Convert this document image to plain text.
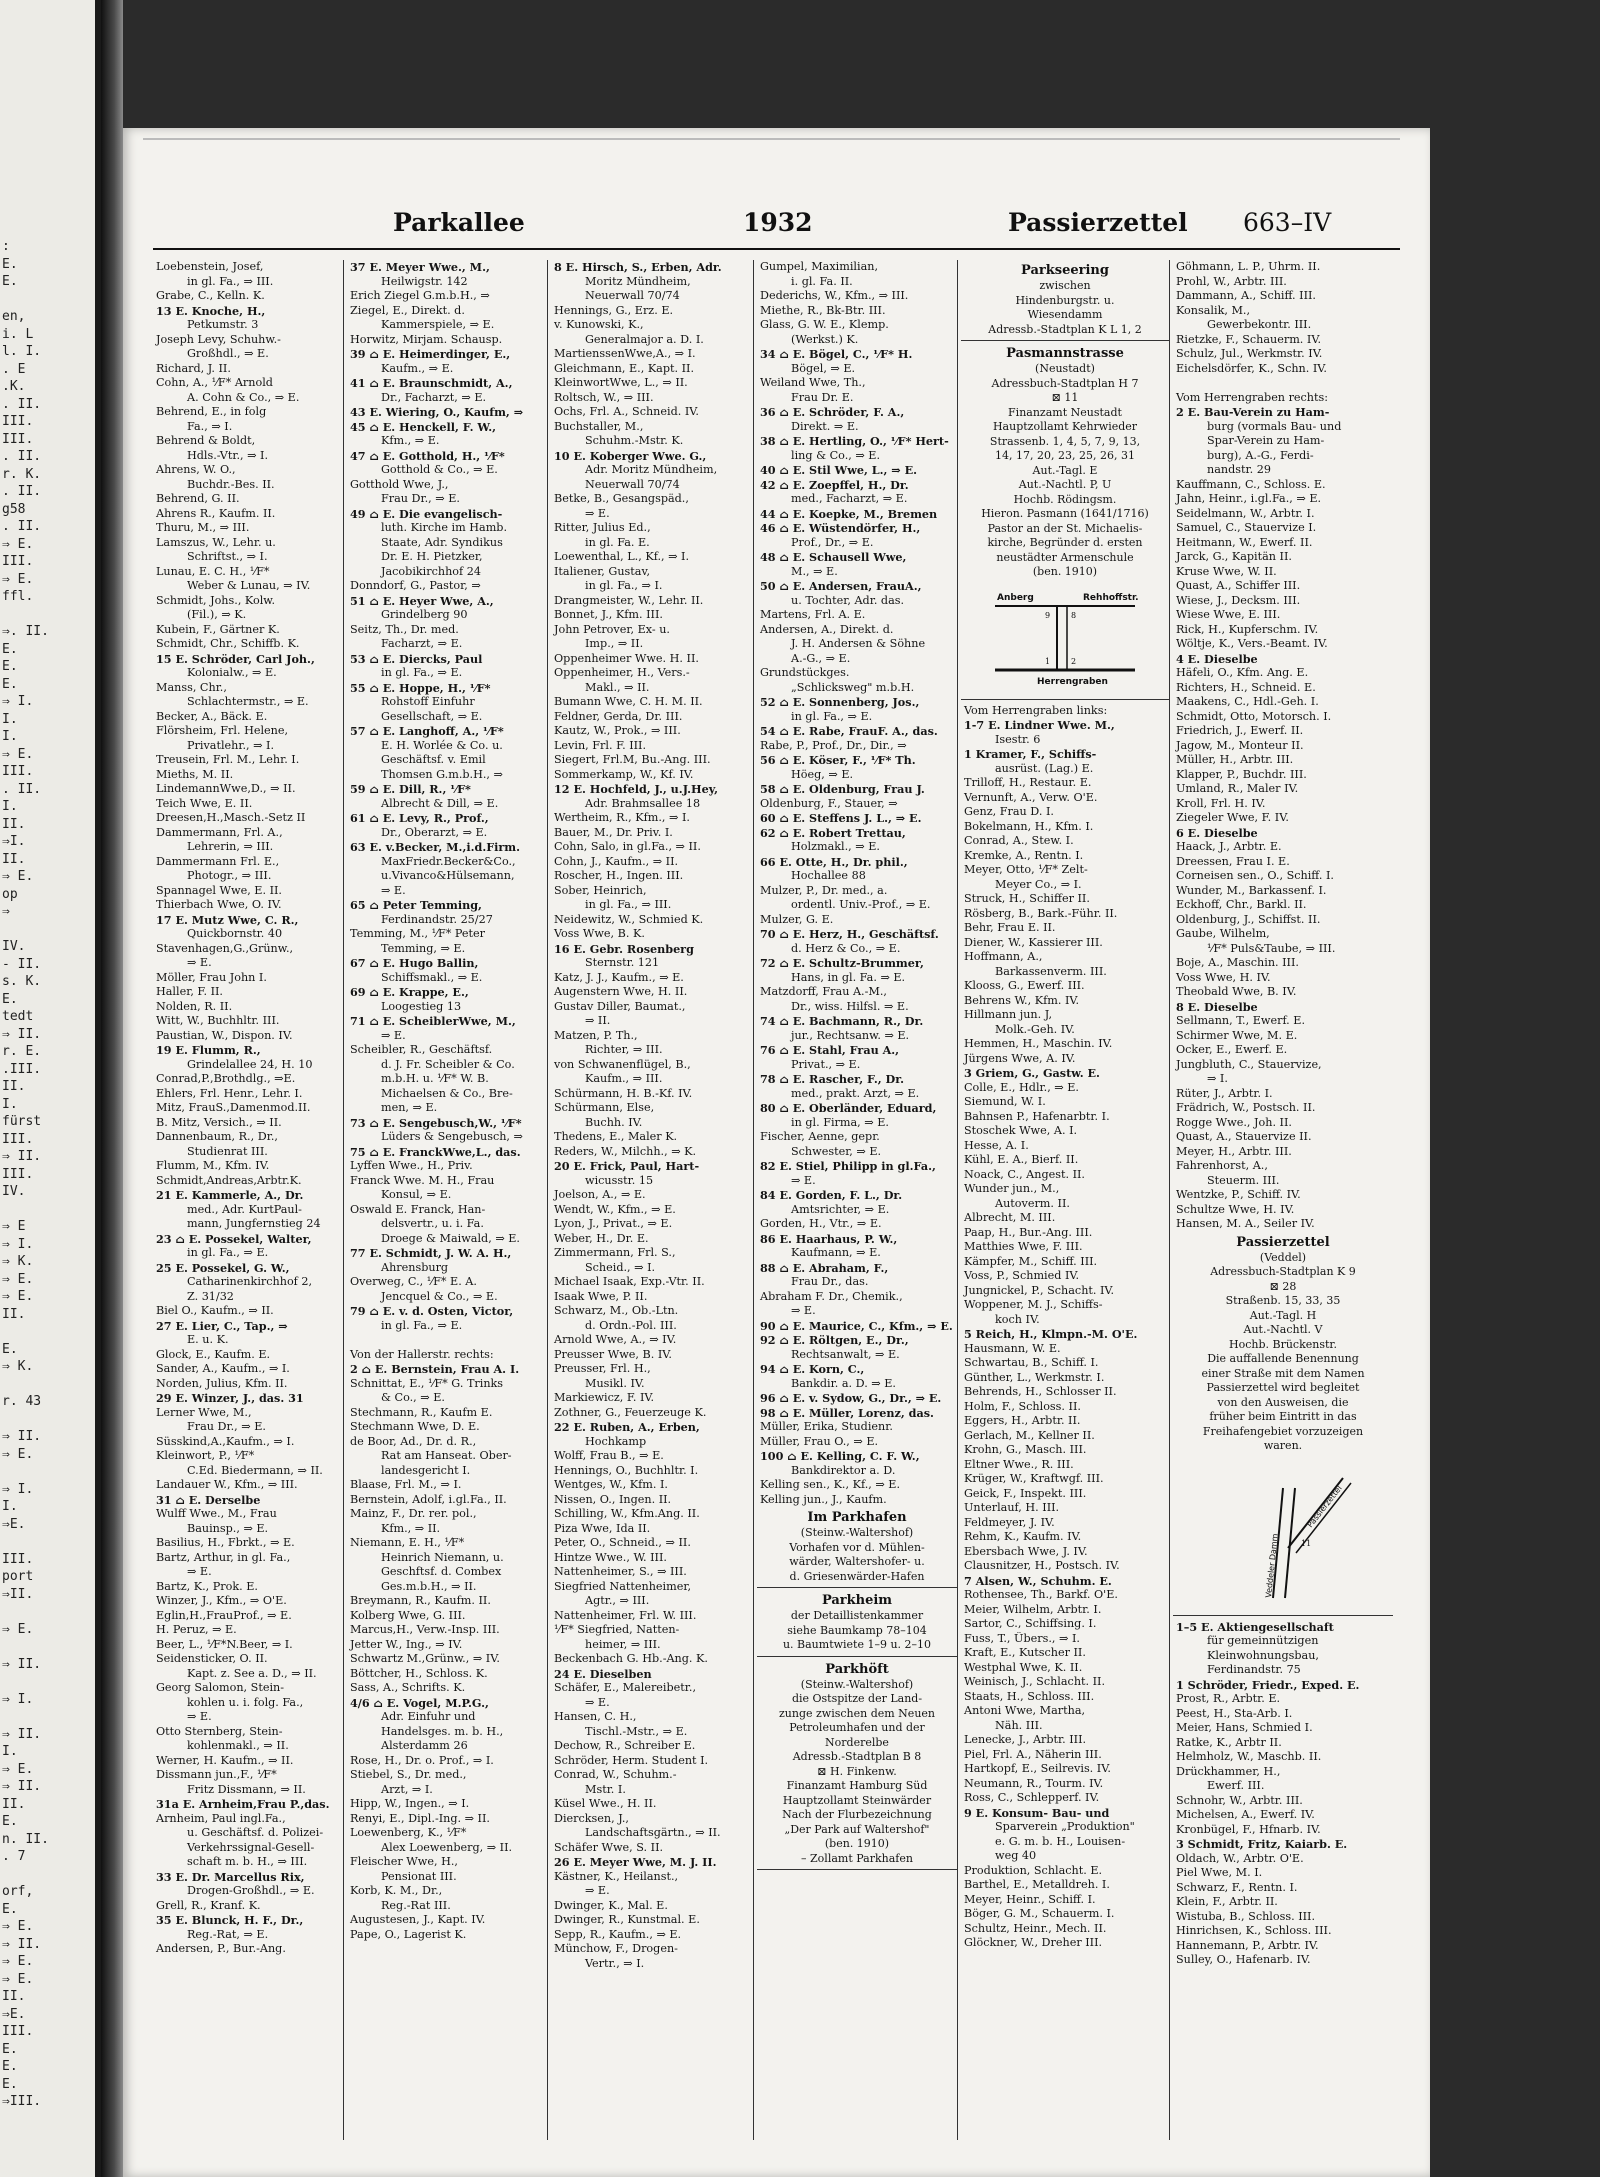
:
E.
E.

en,
i. L
l. I.
. E
.K.
. II.
III.
III.
. II.
r. K.
. II.
g58
. II.
⇒ E.
III.
⇒ E.
ffl.

⇒. II.
E.
E.
E.
⇒ I.
I.
I.
⇒ E.
III.
. II.
I.
II.
⇒I.
II.
⇒ E.
op
⇒

IV.
- II.
s. K.
E.
tedt
⇒ II.
r. E.
.III.
II.
I.
fürst
III.
⇒ II.
III.
IV.

⇒ E
⇒ I.
⇒ K.
⇒ E.
⇒ E.
II.

E.
⇒ K.

r. 43

⇒ II.
⇒ E.

⇒ I.
I.
⇒E.

III.
port
⇒II.

⇒ E.

⇒ II.

⇒ I.

⇒ II.
I.
⇒ E.
⇒ II.
II.
E.
n. II.
. 7

orf,
E.
⇒ E.
⇒ II.
⇒ E.
⇒ E.
II.
⇒E.
III.
E.
E.
E.
⇒III.
Parkallee	1932	Passierzettel 663–IV
Loebenstein, Josef,
in gl. Fa., ⇒ III.
Grabe, C., Kelln. K.
13 E. Knoche, H.,
Petkumstr. 3
Joseph Levy, Schuhw.-
Großhdl., ⇒ E.
Richard, J. II.
Cohn, A., ⅟F* Arnold
A. Cohn & Co., ⇒ E.
Behrend, E., in folg
Fa., ⇒ I.
Behrend & Boldt,
Hdls.-Vtr., ⇒ I.
Ahrens, W. O.,
Buchdr.-Bes. II.
Behrend, G. II.
Ahrens R., Kaufm. II.
Thuru, M., ⇒ III.
Lamszus, W., Lehr. u.
Schriftst., ⇒ I.
Lunau, E. C. H., ⅟F*
Weber & Lunau, ⇒ IV.
Schmidt, Johs., Kolw.
(Fil.), ⇒ K.
Kubein, F., Gärtner K.
Schmidt, Chr., Schiffb. K.
15 E. Schröder, Carl Joh.,
Kolonialw., ⇒ E.
Manss, Chr.,
Schlachtermstr., ⇒ E.
Becker, A., Bäck. E.
Flörsheim, Frl. Helene,
Privatlehr., ⇒ I.
Treusein, Frl. M., Lehr. I.
Mieths, M. II.
LindemannWwe,D., ⇒ II.
Teich Wwe, E. II.
Dreesen,H.,Masch.-Setz II
Dammermann, Frl. A.,
Lehrerin, ⇒ III.
Dammermann Frl. E.,
Photogr., ⇒ III.
Spannagel Wwe, E. II.
Thierbach Wwe, O. IV.
17 E. Mutz Wwe, C. R.,
Quickbornstr. 40
Stavenhagen,G.,Grünw.,
⇒ E.
Möller, Frau John I.
Haller, F. II.
Nolden, R. II.
Witt, W., Buchhltr. III.
Paustian, W., Dispon. IV.
19 E. Flumm, R.,
Grindelallee 24, H. 10
Conrad,P.,Brothdlg., ⇒E.
Ehlers, Frl. Henr., Lehr. I.
Mitz, FrauS.,Damenmod.II.
B. Mitz, Versich., ⇒ II.
Dannenbaum, R., Dr.,
Studienrat III.
Flumm, M., Kfm. IV.
Schmidt,Andreas,Arbtr.K.
21 E. Kammerle, A., Dr.
med., Adr. KurtPaul-
mann, Jungfernstieg 24
23 ⌂ E. Possekel, Walter,
in gl. Fa., ⇒ E.
25 E. Possekel, G. W.,
Catharinenkirchhof 2,
Z. 31/32
Biel O., Kaufm., ⇒ II.
27 E. Lier, C., Tap., ⇒
E. u. K.
Glock, E., Kaufm. E.
Sander, A., Kaufm., ⇒ I.
Norden, Julius, Kfm. II.
29 E. Winzer, J., das. 31
Lerner Wwe, M.,
Frau Dr., ⇒ E.
Süsskind,A.,Kaufm., ⇒ I.
Kleinwort, P., ⅟F*
C.Ed. Biedermann, ⇒ II.
Landauer W., Kfm., ⇒ III.
31 ⌂ E. Derselbe
Wulff Wwe., M., Frau
Bauinsp., ⇒ E.
Basilius, H., Fbrkt., ⇒ E.
Bartz, Arthur, in gl. Fa.,
⇒ E.
Bartz, K., Prok. E.
Winzer, J., Kfm., ⇒ O'E.
Eglin,H.,FrauProf., ⇒ E.
H. Peruz, ⇒ E.
Beer, L., ⅟F*N.Beer, ⇒ I.
Seidensticker, O. II.
Kapt. z. See a. D., ⇒ II.
Georg Salomon, Stein-
kohlen u. i. folg. Fa.,
⇒ E.
Otto Sternberg, Stein-
kohlenmakl., ⇒ II.
Werner, H. Kaufm., ⇒ II.
Dissmann jun.,F., ⅟F*
Fritz Dissmann, ⇒ II.
31a E. Arnheim,Frau P.,das.
Arnheim, Paul ingl.Fa.,
u. Geschäftsf. d. Polizei-
Verkehrssignal-Gesell-
schaft m. b. H., ⇒ III.
33 E. Dr. Marcellus Rix,
Drogen-Großhdl., ⇒ E.
Grell, R., Kranf. K.
35 E. Blunck, H. F., Dr.,
Reg.-Rat, ⇒ E.
Andersen, P., Bur.-Ang.
37 E. Meyer Wwe., M.,
Heilwigstr. 142
Erich Ziegel G.m.b.H., ⇒
Ziegel, E., Direkt. d.
Kammerspiele, ⇒ E.
Horwitz, Mirjam. Schausp.
39 ⌂ E. Heimerdinger, E.,
Kaufm., ⇒ E.
41 ⌂ E. Braunschmidt, A.,
Dr., Facharzt, ⇒ E.
43 E. Wiering, O., Kaufm, ⇒
45 ⌂ E. Henckell, F. W.,
Kfm., ⇒ E.
47 ⌂ E. Gotthold, H., ⅟F*
Gotthold & Co., ⇒ E.
Gotthold Wwe, J.,
Frau Dr., ⇒ E.
49 ⌂ E. Die evangelisch-
luth. Kirche im Hamb.
Staate, Adr. Syndikus
Dr. E. H. Pietzker,
Jacobikirchhof 24
Donndorf, G., Pastor, ⇒
51 ⌂ E. Heyer Wwe, A.,
Grindelberg 90
Seitz, Th., Dr. med.
Facharzt, ⇒ E.
53 ⌂ E. Diercks, Paul
in gl. Fa., ⇒ E.
55 ⌂ E. Hoppe, H., ⅟F*
Rohstoff Einfuhr
Gesellschaft, ⇒ E.
57 ⌂ E. Langhoff, A., ⅟F*
E. H. Worlée & Co. u.
Geschäftsf. v. Emil
Thomsen G.m.b.H., ⇒
59 ⌂ E. Dill, R., ⅟F*
Albrecht & Dill, ⇒ E.
61 ⌂ E. Levy, R., Prof.,
Dr., Oberarzt, ⇒ E.
63 E. v.Becker, M.,i.d.Firm.
MaxFriedr.Becker&Co.,
u.Vivanco&Hülsemann,
⇒ E.
65 ⌂ Peter Temming,
Ferdinandstr. 25/27
Temming, M., ⅟F* Peter
Temming, ⇒ E.
67 ⌂ E. Hugo Ballin,
Schiffsmakl., ⇒ E.
69 ⌂ E. Krappe, E.,
Loogestieg 13
71 ⌂ E. ScheiblerWwe, M.,
⇒ E.
Scheibler, R., Geschäftsf.
d. J. Fr. Scheibler & Co.
m.b.H. u. ⅟F* W. B.
Michaelsen & Co., Bre-
men, ⇒ E.
73 ⌂ E. Sengebusch,W., ⅟F*
Lüders & Sengebusch, ⇒
75 ⌂ E. FranckWwe,L., das.
Lyffen Wwe., H., Priv.
Franck Wwe. M. H., Frau
Konsul, ⇒ E.
Oswald E. Franck, Han-
delsvertr., u. i. Fa.
Droege & Maiwald, ⇒ E.
77 E. Schmidt, J. W. A. H.,
Ahrensburg
Overweg, C., ⅟F* E. A.
Jencquel & Co., ⇒ E.
79 ⌂ E. v. d. Osten, Victor,
in gl. Fa., ⇒ E.

Von der Hallerstr. rechts:
2 ⌂ E. Bernstein, Frau A. I.
Schnittat, E., ⅟F* G. Trinks
& Co., ⇒ E.
Stechmann, R., Kaufm E.
Stechmann Wwe, D. E.
de Boor, Ad., Dr. d. R.,
Rat am Hanseat. Ober-
landesgericht I.
Blaase, Frl. M., ⇒ I.
Bernstein, Adolf, i.gl.Fa., II.
Mainz, F., Dr. rer. pol.,
Kfm., ⇒ II.
Niemann, E. H., ⅟F*
Heinrich Niemann, u.
Geschftsf. d. Combex
Ges.m.b.H., ⇒ II.
Breymann, R., Kaufm. II.
Kolberg Wwe, G. III.
Marcus,H., Verw.-Insp. III.
Jetter W., Ing., ⇒ IV.
Schwartz M.,Grünw., ⇒ IV.
Böttcher, H., Schloss. K.
Sass, A., Schrifts. K.
4/6 ⌂ E. Vogel, M.P.G.,
Adr. Einfuhr und
Handelsges. m. b. H.,
Alsterdamm 26
Rose, H., Dr. o. Prof., ⇒ I.
Stiebel, S., Dr. med.,
Arzt, ⇒ I.
Hipp, W., Ingen., ⇒ I.
Renyi, E., Dipl.-Ing. ⇒ II.
Loewenberg, K., ⅟F*
Alex Loewenberg, ⇒ II.
Fleischer Wwe, H.,
Pensionat III.
Korb, K. M., Dr.,
Reg.-Rat III.
Augustesen, J., Kapt. IV.
Pape, O., Lagerist K.
8 E. Hirsch, S., Erben, Adr.
Moritz Mündheim,
Neuerwall 70/74
Hennings, G., Erz. E.
v. Kunowski, K.,
Generalmajor a. D. I.
MartienssenWwe,A., ⇒ I.
Gleichmann, E., Kapt. II.
KleinwortWwe, L., ⇒ II.
Roltsch, W., ⇒ III.
Ochs, Frl. A., Schneid. IV.
Buchstaller, M.,
Schuhm.-Mstr. K.
10 E. Koberger Wwe. G.,
Adr. Moritz Mündheim,
Neuerwall 70/74
Betke, B., Gesangspäd.,
⇒ E.
Ritter, Julius Ed.,
in gl. Fa. E.
Loewenthal, L., Kf., ⇒ I.
Italiener, Gustav,
in gl. Fa., ⇒ I.
Drangmeister, W., Lehr. II.
Bonnet, J., Kfm. III.
John Petrover, Ex- u.
Imp., ⇒ II.
Oppenheimer Wwe. H. II.
Oppenheimer, H., Vers.-
Makl., ⇒ II.
Bumann Wwe, C. H. M. II.
Feldner, Gerda, Dr. III.
Kautz, W., Prok., ⇒ III.
Levin, Frl. F. III.
Siegert, Frl.M, Bu.-Ang. III.
Sommerkamp, W., Kf. IV.
12 E. Hochfeld, J., u.J.Hey,
Adr. Brahmsallee 18
Wertheim, R., Kfm., ⇒ I.
Bauer, M., Dr. Priv. I.
Cohn, Salo, in gl.Fa., ⇒ II.
Cohn, J., Kaufm., ⇒ II.
Roscher, H., Ingen. III.
Sober, Heinrich,
in gl. Fa., ⇒ III.
Neidewitz, W., Schmied K.
Voss Wwe, B. K.
16 E. Gebr. Rosenberg
Sternstr. 121
Katz, J. J., Kaufm., ⇒ E.
Augenstern Wwe, H. II.
Gustav Diller, Baumat.,
⇒ II.
Matzen, P. Th.,
Richter, ⇒ III.
von Schwanenflügel, B.,
Kaufm., ⇒ III.
Schürmann, H. B.-Kf. IV.
Schürmann, Else,
Buchh. IV.
Thedens, E., Maler K.
Reders, W., Milchh., ⇒ K.
20 E. Frick, Paul, Hart-
wicusstr. 15
Joelson, A., ⇒ E.
Wendt, W., Kfm., ⇒ E.
Lyon, J., Privat., ⇒ E.
Weber, H., Dr. E.
Zimmermann, Frl. S.,
Scheid., ⇒ I.
Michael Isaak, Exp.-Vtr. II.
Isaak Wwe, P. II.
Schwarz, M., Ob.-Ltn.
d. Ordn.-Pol. III.
Arnold Wwe, A., ⇒ IV.
Preusser Wwe, B. IV.
Preusser, Frl. H.,
Musikl. IV.
Markiewicz, F. IV.
Zothner, G., Feuerzeuge K.
22 E. Ruben, A., Erben,
Hochkamp
Wolff, Frau B., ⇒ E.
Hennings, O., Buchhltr. I.
Wentges, W., Kfm. I.
Nissen, O., Ingen. II.
Schilling, W., Kfm.Ang. II.
Piza Wwe, Ida II.
Peter, O., Schneid., ⇒ II.
Hintze Wwe., W. III.
Nattenheimer, S., ⇒ III.
Siegfried Nattenheimer,
Agtr., ⇒ III.
Nattenheimer, Frl. W. III.
⅟F* Siegfried, Natten-
heimer, ⇒ III.
Beckenbach G. Hb.-Ang. K.
24 E. Dieselben
Schäfer, E., Malereibetr.,
⇒ E.
Hansen, C. H.,
Tischl.-Mstr., ⇒ E.
Dechow, R., Schreiber E.
Schröder, Herm. Student I.
Conrad, W., Schuhm.-
Mstr. I.
Küsel Wwe., H. II.
Diercksen, J.,
Landschaftsgärtn., ⇒ II.
Schäfer Wwe, S. II.
26 E. Meyer Wwe, M. J. II.
Kästner, K., Heilanst.,
⇒ E.
Dwinger, K., Mal. E.
Dwinger, R., Kunstmal. E.
Sepp, R., Kaufm., ⇒ E.
Münchow, F., Drogen-
Vertr., ⇒ I.
Gumpel, Maximilian,
i. gl. Fa. II.
Dederichs, W., Kfm., ⇒ III.
Miethe, R., Bk-Btr. III.
Glass, G. W. E., Klemp.
(Werkst.) K.
34 ⌂ E. Bögel, C., ⅟F* H.
Bögel, ⇒ E.
Weiland Wwe, Th.,
Frau Dr. E.
36 ⌂ E. Schröder, F. A.,
Direkt. ⇒ E.
38 ⌂ E. Hertling, O., ⅟F* Hert-
ling & Co., ⇒ E.
40 ⌂ E. Stil Wwe, L., ⇒ E.
42 ⌂ E. Zoepffel, H., Dr.
med., Facharzt, ⇒ E.
44 ⌂ E. Koepke, M., Bremen
46 ⌂ E. Wüstendörfer, H.,
Prof., Dr., ⇒ E.
48 ⌂ E. Schausell Wwe,
M., ⇒ E.
50 ⌂ E. Andersen, FrauA.,
u. Tochter, Adr. das.
Martens, Frl. A. E.
Andersen, A., Direkt. d.
J. H. Andersen & Söhne
A.-G., ⇒ E.
Grundstückges.
„Schlicksweg" m.b.H.
52 ⌂ E. Sonnenberg, Jos.,
in gl. Fa., ⇒ E.
54 ⌂ E. Rabe, FrauF. A., das.
Rabe, P., Prof., Dr., Dir., ⇒
56 ⌂ E. Köser, F., ⅟F* Th.
Höeg, ⇒ E.
58 ⌂ E. Oldenburg, Frau J.
Oldenburg, F., Stauer, ⇒
60 ⌂ E. Steffens J. L., ⇒ E.
62 ⌂ E. Robert Trettau,
Holzmakl., ⇒ E.
66 E. Otte, H., Dr. phil.,
Hochallee 88
Mulzer, P., Dr. med., a.
ordentl. Univ.-Prof., ⇒ E.
Mulzer, G. E.
70 ⌂ E. Herz, H., Geschäftsf.
d. Herz & Co., ⇒ E.
72 ⌂ E. Schultz-Brummer,
Hans, in gl. Fa. ⇒ E.
Matzdorff, Frau A.-M.,
Dr., wiss. Hilfsl. ⇒ E.
74 ⌂ E. Bachmann, R., Dr.
jur., Rechtsanw. ⇒ E.
76 ⌂ E. Stahl, Frau A.,
Privat., ⇒ E.
78 ⌂ E. Rascher, F., Dr.
med., prakt. Arzt, ⇒ E.
80 ⌂ E. Oberländer, Eduard,
in gl. Firma, ⇒ E.
Fischer, Aenne, gepr.
Schwester, ⇒ E.
82 E. Stiel, Philipp in gl.Fa.,
⇒ E.
84 E. Gorden, F. L., Dr.
Amtsrichter, ⇒ E.
Gorden, H., Vtr., ⇒ E.
86 E. Haarhaus, P. W.,
Kaufmann, ⇒ E.
88 ⌂ E. Abraham, F.,
Frau Dr., das.
Abraham F. Dr., Chemik.,
⇒ E.
90 ⌂ E. Maurice, C., Kfm., ⇒ E.
92 ⌂ E. Röltgen, E., Dr.,
Rechtsanwalt, ⇒ E.
94 ⌂ E. Korn, C.,
Bankdir. a. D. ⇒ E.
96 ⌂ E. v. Sydow, G., Dr., ⇒ E.
98 ⌂ E. Müller, Lorenz, das.
Müller, Erika, Studienr.
Müller, Frau O., ⇒ E.
100 ⌂ E. Kelling, C. F. W.,
Bankdirektor a. D.
Kelling sen., K., Kf., ⇒ E.
Kelling jun., J., Kaufm.
Im Parkhafen
(Steinw.-Waltershof)
Vorhafen vor d. Mühlen-
wärder, Waltershofer- u.
d. Griesenwärder-Hafen
Parkheim
der Detaillistenkammer
siehe Baumkamp 78–104
u. Baumtwiete 1–9 u. 2–10
Parkhöft
(Steinw.-Waltershof)
die Ostspitze der Land-
zunge zwischen dem Neuen
Petroleumhafen und der
Norderelbe
Adressb.-Stadtplan B 8
⊠ H. Finkenw.
Finanzamt Hamburg Süd
Hauptzollamt Steinwärder
Nach der Flurbezeichnung
„Der Park auf Waltershof"
(ben. 1910)
– Zollamt Parkhafen
Parkseering
zwischen
Hindenburgstr. u.
Wiesendamm
Adressb.-Stadtplan K L 1, 2
Pasmannstrasse
(Neustadt)
Adressbuch-Stadtplan H 7
⊠ 11
Finanzamt Neustadt
Hauptzollamt Kehrwieder
Strassenb. 1, 4, 5, 7, 9, 13,
14, 17, 20, 23, 25, 26, 31
Aut.-Tagl. E
Aut.-Nachtl. P, U
Hochb. Rödingsm.
Hieron. Pasmann (1641/1716)
Pastor an der St. Michaelis-
kirche, Begründer d. ersten
neustädter Armenschule
(ben. 1910)
Anberg	Rehhoffstr.
Herrengraben
9	8
1	2
Vom Herrengraben links:
1-7 E. Lindner Wwe. M.,
Isestr. 6
1 Kramer, F., Schiffs-
ausrüst. (Lag.) E.
Trilloff, H., Restaur. E.
Vernunft, A., Verw. O'E.
Genz, Frau D. I.
Bokelmann, H., Kfm. I.
Conrad, A., Stew. I.
Kremke, A., Rentn. I.
Meyer, Otto, ⅟F* Zelt-
Meyer Co., ⇒ I.
Struck, H., Schiffer II.
Rösberg, B., Bark.-Führ. II.
Behr, Frau E. II.
Diener, W., Kassierer III.
Hoffmann, A.,
Barkassenverm. III.
Klooss, G., Ewerf. III.
Behrens W., Kfm. IV.
Hillmann jun. J,
Molk.-Geh. IV.
Hemmen, H., Maschin. IV.
Jürgens Wwe, A. IV.
3 Griem, G., Gastw. E.
Colle, E., Hdlr., ⇒ E.
Siemund, W. I.
Bahnsen P., Hafenarbtr. I.
Stoschek Wwe, A. I.
Hesse, A. I.
Kühl, E. A., Bierf. II.
Noack, C., Angest. II.
Wunder jun., M.,
Autoverm. II.
Albrecht, M. III.
Paap, H., Bur.-Ang. III.
Matthies Wwe, F. III.
Kämpfer, M., Schiff. III.
Voss, P., Schmied IV.
Jungnickel, P., Schacht. IV.
Woppener, M. J., Schiffs-
koch IV.
5 Reich, H., Klmpn.-M. O'E.
Hausmann, W. E.
Schwartau, B., Schiff. I.
Günther, L., Werkmstr. I.
Behrends, H., Schlosser II.
Holm, F., Schloss. II.
Eggers, H., Arbtr. II.
Gerlach, M., Kellner II.
Krohn, G., Masch. III.
Eltner Wwe., R. III.
Krüger, W., Kraftwgf. III.
Geick, F., Inspekt. III.
Unterlauf, H. III.
Feldmeyer, J. IV.
Rehm, K., Kaufm. IV.
Ebersbach Wwe, J. IV.
Clausnitzer, H., Postsch. IV.
7 Alsen, W., Schuhm. E.
Rothensee, Th., Barkf. O'E.
Meier, Wilhelm, Arbtr. I.
Sartor, C., Schiffsing. I.
Fuss, T., Übers., ⇒ I.
Kraft, E., Kutscher II.
Westphal Wwe, K. II.
Weinisch, J., Schlacht. II.
Staats, H., Schloss. III.
Antoni Wwe, Martha,
Näh. III.
Lenecke, J., Arbtr. III.
Piel, Frl. A., Näherin III.
Hartkopf, E., Seilrevis. IV.
Neumann, R., Tourm. IV.
Ross, C., Schlepperf. IV.
9 E. Konsum- Bau- und
Sparverein „Produktion"
e. G. m. b. H., Louisen-
weg 40
Produktion, Schlacht. E.
Barthel, E., Metalldreh. I.
Meyer, Heinr., Schiff. I.
Böger, G. M., Schauerm. I.
Schultz, Heinr., Mech. II.
Glöckner, W., Dreher III.
Göhmann, L. P., Uhrm. II.
Prohl, W., Arbtr. III.
Dammann, A., Schiff. III.
Konsalik, M.,
Gewerbekontr. III.
Rietzke, F., Schauerm. IV.
Schulz, Jul., Werkmstr. IV.
Eichelsdörfer, K., Schn. IV.

Vom Herrengraben rechts:
2 E. Bau-Verein zu Ham-
burg (vormals Bau- und
Spar-Verein zu Ham-
burg), A.-G., Ferdi-
nandstr. 29
Kauffmann, C., Schloss. E.
Jahn, Heinr., i.gl.Fa., ⇒ E.
Seidelmann, W., Arbtr. I.
Samuel, C., Stauervize I.
Heitmann, W., Ewerf. II.
Jarck, G., Kapitän II.
Kruse Wwe, W. II.
Quast, A., Schiffer III.
Wiese, J., Decksm. III.
Wiese Wwe, E. III.
Rick, H., Kupferschm. IV.
Wöltje, K., Vers.-Beamt. IV.
4 E. Dieselbe
Häfeli, O., Kfm. Ang. E.
Richters, H., Schneid. E.
Maakens, C., Hdl.-Geh. I.
Schmidt, Otto, Motorsch. I.
Friedrich, J., Ewerf. II.
Jagow, M., Monteur II.
Müller, H., Arbtr. III.
Klapper, P., Buchdr. III.
Umland, R., Maler IV.
Kroll, Frl. H. IV.
Ziegeler Wwe, F. IV.
6 E. Dieselbe
Haack, J., Arbtr. E.
Dreessen, Frau I. E.
Corneisen sen., O., Schiff. I.
Wunder, M., Barkassenf. I.
Eckhoff, Chr., Barkl. II.
Oldenburg, J., Schiffst. II.
Gaube, Wilhelm,
⅟F* Puls&Taube, ⇒ III.
Boje, A., Maschin. III.
Voss Wwe, H. IV.
Theobald Wwe, B. IV.
8 E. Dieselbe
Sellmann, T., Ewerf. E.
Schirmer Wwe, M. E.
Ocker, E., Ewerf. E.
Jungbluth, C., Stauervize,
⇒ I.
Rüter, J., Arbtr. I.
Frädrich, W., Postsch. II.
Rogge Wwe., Joh. II.
Quast, A., Stauervize II.
Meyer, H., Arbtr. III.
Fahrenhorst, A.,
Steuerm. III.
Wentzke, P., Schiff. IV.
Schultze Wwe, H. IV.
Hansen, M. A., Seiler IV.
Passierzettel
(Veddel)
Adressbuch-Stadtplan K 9
⊠ 28
Straßenb. 15, 33, 35
Aut.-Tagl. H
Aut.-Nachtl. V
Hochb. Brückenstr.
Die auffallende Benennung
einer Straße mit dem Namen
Passierzettel wird begleitet
von den Ausweisen, die
früher beim Eintritt in das
Freihafengebiet vorzuzeigen
waren.
Passierzettel
Veddeler Damm	11
1–5 E. Aktiengesellschaft
für gemeinnützigen
Kleinwohnungsbau,
Ferdinandstr. 75
1 Schröder, Friedr., Exped. E.
Prost, R., Arbtr. E.
Peest, H., Sta-Arb. I.
Meier, Hans, Schmied I.
Ratke, K., Arbtr II.
Helmholz, W., Maschb. II.
Drückhammer, H.,
Ewerf. III.
Schnohr, W., Arbtr. III.
Michelsen, A., Ewerf. IV.
Kronbügel, F., Hfnarb. IV.
3 Schmidt, Fritz, Kaiarb. E.
Oldach, W., Arbtr. O'E.
Piel Wwe, M. I.
Schwarz, F., Rentn. I.
Klein, F., Arbtr. II.
Wistuba, B., Schloss. III.
Hinrichsen, K., Schloss. III.
Hannemann, P., Arbtr. IV.
Sulley, O., Hafenarb. IV.
